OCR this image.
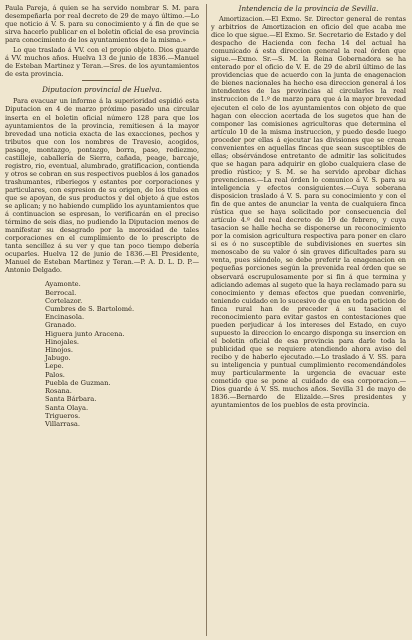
Paula Pareja, á quien se ha servido nombrar S. M. para desempeñarla por real decreto de 29 de mayo último.—Lo que noticio á V. S. para su conocimiento y á fin de que se sirva hacerlo publicar en el boletin oficial de esa provincia para conocimiento de los ayuntamientos de la misma.»

Lo que traslado á VV. con el propio objeto. Dios guarde á VV. muchos años. Huelva 13 de junio de 1836.—Manuel de Esteban Martinez y Teran.—Sres. de los ayuntamientos de esta provincia.

Diputacion provincial de Huelva.

Para evacuar un informe á la superioridad espidió esta Diputacion en 4 de marzo próximo pasado una circular inserta en el boletin oficial número 128 para que los ayuntamientos de la provincia, remitiesen á la mayor brevedad una noticia exacta de las exacciones, pechos y tributos que con los nombres de Travesio, acogidos, pasage, montazgo, pontazgo, borra, paso, rediezmo, castilleje, caballería de Sierra, cañada, peage, barcaje, registro, rio, eventual, alumbrado, gratificacion, contienda y otros se cobran en sus respectivos pueblos á los ganados trashumantes, riberiegos y estantes por corporaciones y particulares, con espresion de su origen, de los títulos en que se apoyan, de sus productos y del objeto á que estos se aplican; y no habiendo cumplido los ayuntamientos que á continuacion se espresan, lo verificarán en el preciso término de seis dias, no pudiendo la Diputacion menos de manifestar su desagrado por la morosidad de tales corporaciones en el cumplimiento de lo prescripto de tanta sencillez á su ver y que tan poco tiempo debería ocuparles. Huelva 12 de junio de 1836.—El Presidente, Manuel de Esteban Martinez y Teran.—P. A. D. L. D. P.—Antonio Delgado.

Ayamonte.
Berrocal.
Cortelazor.
Cumbres de S. Bartolomé.
Encinasola.
Granado.
Higuera junto Aracena.
Hinojales.
Hinojos.
Jabugo.
Lepe.
Palos.
Puebla de Guzman.
Rosana.
Santa Bárbara.
Santa Olaya.
Trigueros.
Villarrasa.
Intendencia de la provincia de Sevilla.

Amortizacion.—El Exmo. Sr. Director general de rentas y arbitrios de Amortizacion en oficio del que acaba me dice lo que sigue.—El Exmo. Sr. Secretario de Estado y del despacho de Hacienda con fecha 14 del actual ha comunicado á esta direccion general la real órden que sigue.—Exmo. Sr.—S. M. la Reina Gobernadora se ha enterado por el oficio de V. E. de 29 de abril último de las providencias que de acuerdo con la junta de enagenacion de bienes nacionales ha hecho esa direccion general á los intendentes de las provincias al circularles la real instruccion de 1.º de marzo para que á la mayor brevedad ejecuten el celo de los ayuntamientos con objeto de que hagan con eleccion acertada de los sugetos que han de componer las comisiones agricultoras que determina el artículo 10 de la misma instruccion, y puedo desde luego proceder por ellas á ejecutar las divisiones que se crean convenientes en aquellas fincas que sean susceptibles de ellas; obsérvándose entretanto de admitir las solicitudes que se hagan para adquirir en globo cualquiera clase de predio rústico; y S. M. se ha servido aprobar dichas prevenciones.—La real órden lo comunico á V. S. para su inteligencia y efectos consiguientes.—Cuya soberana disposicion traslado á V. S. para su conocimiento y con el fin de que antes de anunciar la venta de cualquiera finca rústica que se haya solicitado por consecuencia del artículo 4.º del real decreto de 19 de febrero, y cuya tasacion se halle hecha se disponerse un reconocimiento por la comision agricultura respectiva para poner en claro si es ó no susceptible de subdivisiones en suertes sin menoscabo de su valor ó sin graves dificultades para su venta, pues siéndolo, se debe preferir la enagenacion en pequeñas porciones según la prevenida real órden que se observará escrupulosamente por si fin á que termina y adiciando ademas al sugeto que la haya reclamado para su conocimiento y demas efectos que puedan convenirle, teniendo cuidado en lo sucesivo de que en toda peticion de finca rural han de preceder á su tasacion el reconocimiento para evitar gastos en contestaciones que pueden perjudicar á los intereses del Estado, en cuyo supuesto la direccion lo encargo disponga su insercion en el boletin oficial de esa provincia para darle toda la publicidad que se requiere atendiendo ahora aviso del recibo y de haberlo ejecutado.—Lo traslado á V. SS. para su inteligencia y puntual cumplimiento recomendándoles muy particularmente la urgencia de evacuar este cometido que se pone al cuidado de esa corporacion.—Dios guarde á V. SS. muchos años. Sevilla 31 de mayo de 1836.—Bernardo de Elizalde.—Sres presidentes y ayuntamientos de los pueblos de esta provincia.
